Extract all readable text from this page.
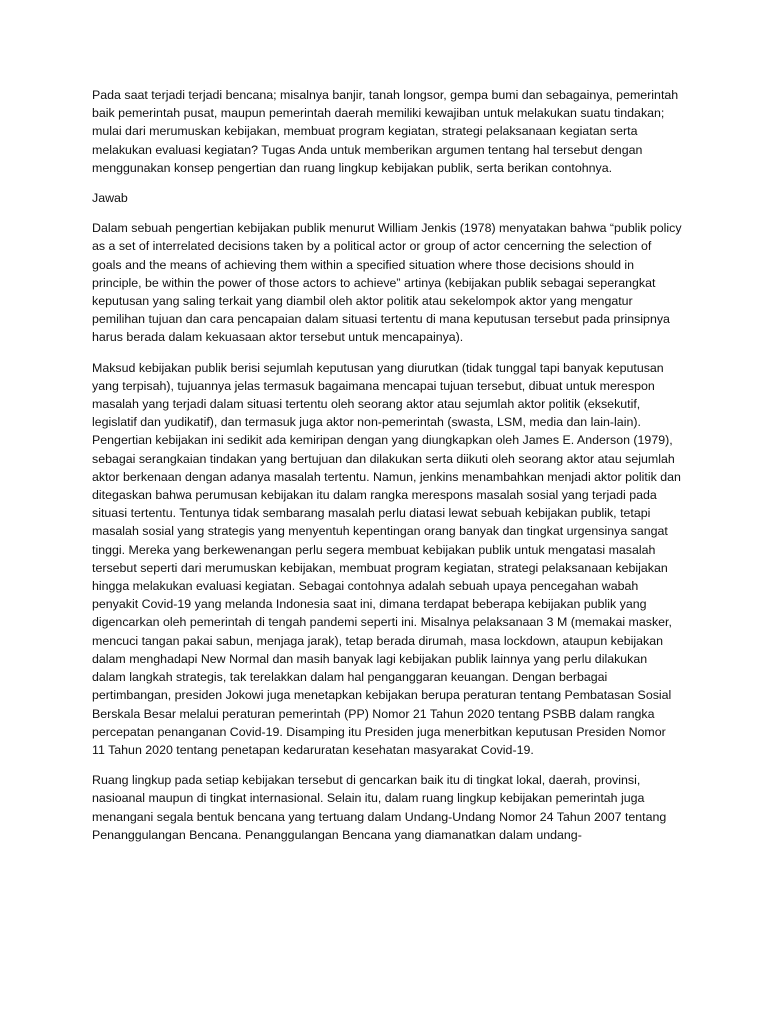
Pada saat terjadi terjadi bencana; misalnya banjir, tanah longsor, gempa bumi dan sebagainya, pemerintah baik pemerintah pusat, maupun pemerintah daerah memiliki kewajiban untuk melakukan suatu tindakan; mulai dari merumuskan kebijakan, membuat program kegiatan, strategi pelaksanaan kegiatan serta melakukan evaluasi kegiatan? Tugas Anda untuk memberikan argumen tentang hal tersebut dengan menggunakan konsep pengertian dan ruang lingkup kebijakan publik, serta berikan contohnya.

Jawab

Dalam sebuah pengertian kebijakan publik menurut William Jenkis (1978) menyatakan bahwa “publik policy as a set of interrelated decisions taken by a political actor or group of actor cencerning the selection of goals and the means of achieving them within a specified situation where those decisions should in principle, be within the power of those actors to achieve” artinya (kebijakan publik sebagai seperangkat keputusan yang saling terkait yang diambil oleh aktor politik atau sekelompok aktor yang mengatur pemilihan tujuan dan cara pencapaian dalam situasi tertentu di mana keputusan tersebut pada prinsipnya harus berada dalam kekuasaan aktor tersebut untuk mencapainya).

Maksud kebijakan publik berisi sejumlah keputusan yang diurutkan (tidak tunggal tapi banyak keputusan yang terpisah), tujuannya jelas termasuk bagaimana mencapai tujuan tersebut, dibuat untuk merespon masalah yang terjadi dalam situasi tertentu oleh seorang aktor atau sejumlah aktor politik (eksekutif, legislatif dan yudikatif), dan termasuk juga aktor non-pemerintah (swasta, LSM, media dan lain-lain). Pengertian kebijakan ini sedikit ada kemiripan dengan yang diungkapkan oleh James E. Anderson (1979), sebagai serangkaian tindakan yang bertujuan dan dilakukan serta diikuti oleh seorang aktor atau sejumlah aktor berkenaan dengan adanya masalah tertentu. Namun, jenkins menambahkan menjadi aktor politik dan ditegaskan bahwa perumusan kebijakan itu dalam rangka merespons masalah sosial yang terjadi pada situasi tertentu. Tentunya tidak sembarang masalah perlu diatasi lewat sebuah kebijakan publik, tetapi masalah sosial yang strategis yang menyentuh kepentingan orang banyak dan tingkat urgensinya sangat tinggi. Mereka yang berkewenangan perlu segera membuat kebijakan publik untuk mengatasi masalah tersebut seperti dari merumuskan kebijakan, membuat program kegiatan, strategi pelaksanaan kebijakan hingga melakukan evaluasi kegiatan. Sebagai contohnya adalah sebuah upaya pencegahan wabah penyakit Covid-19 yang melanda Indonesia saat ini, dimana terdapat beberapa kebijakan publik yang digencarkan oleh pemerintah di tengah pandemi seperti ini. Misalnya pelaksanaan 3 M (memakai masker, mencuci tangan pakai sabun, menjaga jarak), tetap berada dirumah, masa lockdown, ataupun kebijakan dalam menghadapi New Normal dan masih banyak lagi kebijakan publik lainnya yang perlu dilakukan dalam langkah strategis, tak terelakkan dalam hal penganggaran keuangan. Dengan berbagai pertimbangan, presiden Jokowi juga menetapkan kebijakan berupa peraturan tentang Pembatasan Sosial Berskala Besar melalui peraturan pemerintah (PP) Nomor 21 Tahun 2020 tentang PSBB dalam rangka percepatan penanganan Covid-19. Disamping itu Presiden juga menerbitkan keputusan Presiden Nomor 11 Tahun 2020 tentang penetapan kedaruratan kesehatan masyarakat Covid-19.

Ruang lingkup pada setiap kebijakan tersebut di gencarkan baik itu di tingkat lokal, daerah, provinsi, nasioanal maupun di tingkat internasional. Selain itu, dalam ruang lingkup kebijakan pemerintah juga menangani segala bentuk bencana yang tertuang dalam Undang-Undang Nomor 24 Tahun 2007 tentang Penanggulangan Bencana. Penanggulangan Bencana yang diamanatkan dalam undang-
